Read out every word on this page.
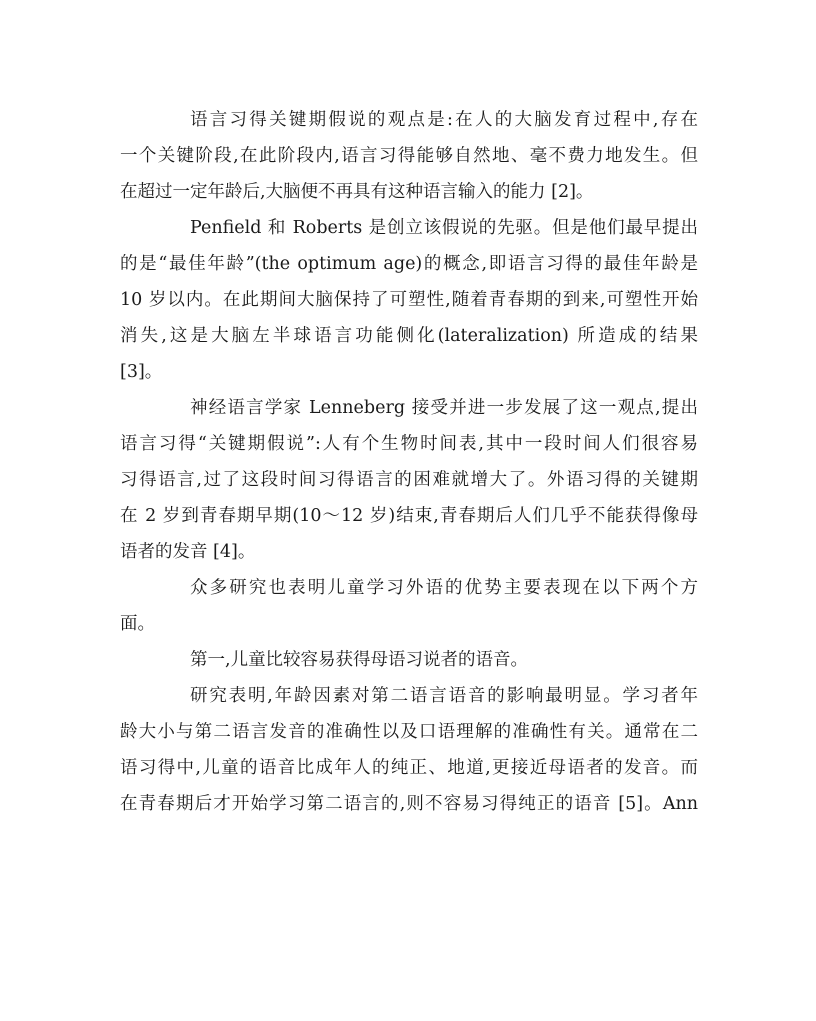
语言习得关键期假说的观点是:在人的大脑发育过程中,存在
一个关键阶段,在此阶段内,语言习得能够自然地、毫不费力地发生。但
在超过一定年龄后,大脑便不再具有这种语言输入的能力 [2]。
Penfield 和 Roberts 是创立该假说的先驱。但是他们最早提出
的是“最佳年龄”(the optimum age)的概念,即语言习得的最佳年龄是
10 岁以内。在此期间大脑保持了可塑性,随着青春期的到来,可塑性开始
消失,这是大脑左半球语言功能侧化(lateralization) 所造成的结果
[3]。
神经语言学家 Lenneberg 接受并进一步发展了这一观点,提出
语言习得“关键期假说”:人有个生物时间表,其中一段时间人们很容易
习得语言,过了这段时间习得语言的困难就增大了。外语习得的关键期
在 2 岁到青春期早期(10～12 岁)结束,青春期后人们几乎不能获得像母
语者的发音 [4]。
众多研究也表明儿童学习外语的优势主要表现在以下两个方
面。
第一,儿童比较容易获得母语习说者的语音。
研究表明,年龄因素对第二语言语音的影响最明显。学习者年
龄大小与第二语言发音的准确性以及口语理解的准确性有关。通常在二
语习得中,儿童的语音比成年人的纯正、地道,更接近母语者的发音。而
在青春期后才开始学习第二语言的,则不容易习得纯正的语音 [5]。Ann
